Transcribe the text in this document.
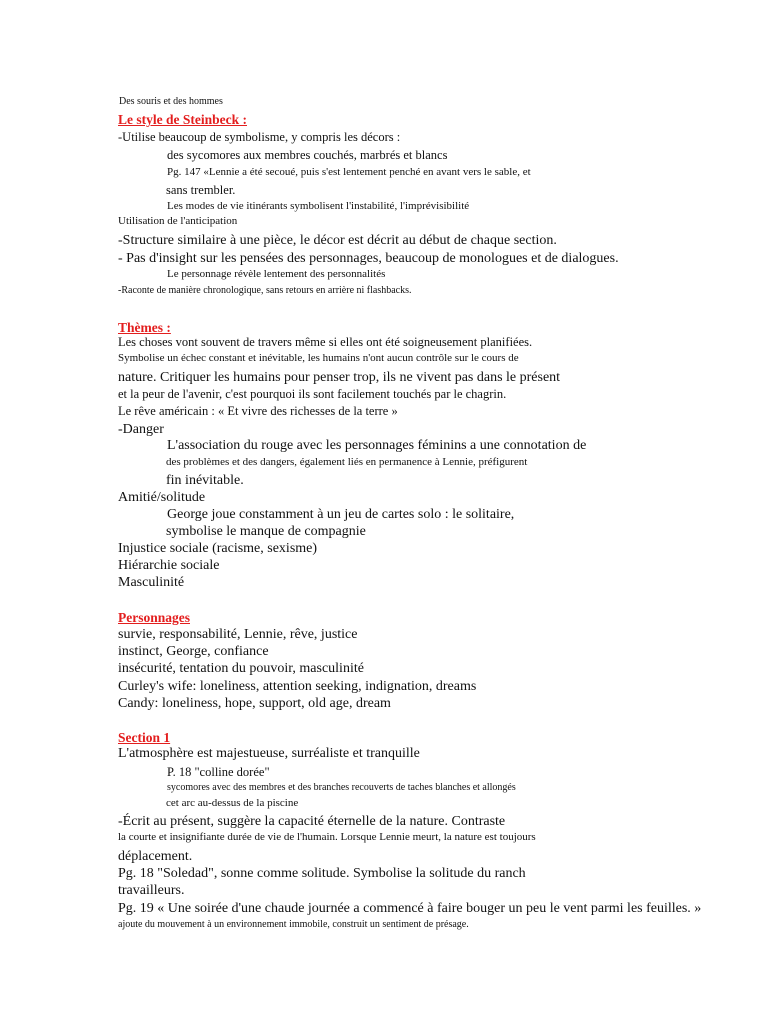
Des souris et des hommes
Le style de Steinbeck :
-Utilise beaucoup de symbolisme, y compris les décors :
des sycomores aux membres couchés, marbrés et blancs
Pg. 147 «Lennie a été secoué, puis s'est lentement penché en avant vers le sable, et
sans trembler.
Les modes de vie itinérants symbolisent l'instabilité, l'imprévisibilité
Utilisation de l'anticipation
-Structure similaire à une pièce, le décor est décrit au début de chaque section.
- Pas d'insight sur les pensées des personnages, beaucoup de monologues et de dialogues.
Le personnage révèle lentement des personnalités
-Raconte de manière chronologique, sans retours en arrière ni flashbacks.
Thèmes :
Les choses vont souvent de travers même si elles ont été soigneusement planifiées.
Symbolise un échec constant et inévitable, les humains n'ont aucun contrôle sur le cours de
nature. Critiquer les humains pour penser trop, ils ne vivent pas dans le présent
et la peur de l'avenir, c'est pourquoi ils sont facilement touchés par le chagrin.
Le rêve américain : « Et vivre des richesses de la terre »
-Danger
L'association du rouge avec les personnages féminins a une connotation de
des problèmes et des dangers, également liés en permanence à Lennie, préfigurent
fin inévitable.
Amitié/solitude
George joue constamment à un jeu de cartes solo : le solitaire,
symbolise le manque de compagnie
Injustice sociale (racisme, sexisme)
Hiérarchie sociale
Masculinité
Personnages
survie, responsabilité, Lennie, rêve, justice
instinct, George, confiance
insécurité, tentation du pouvoir, masculinité
Curley's wife: loneliness, attention seeking, indignation, dreams
Candy: loneliness, hope, support, old age, dream
Section 1
L'atmosphère est majestueuse, surréaliste et tranquille
P. 18 "colline dorée"
sycomores avec des membres et des branches recouverts de taches blanches et allongés
cet arc au-dessus de la piscine
-Écrit au présent, suggère la capacité éternelle de la nature. Contraste
la courte et insignifiante durée de vie de l'humain. Lorsque Lennie meurt, la nature est toujours
déplacement.
Pg. 18 "Soledad", sonne comme solitude. Symbolise la solitude du ranch
travailleurs.
Pg. 19 « Une soirée d'une chaude journée a commencé à faire bouger un peu le vent parmi les feuilles. »
ajoute du mouvement à un environnement immobile, construit un sentiment de présage.
